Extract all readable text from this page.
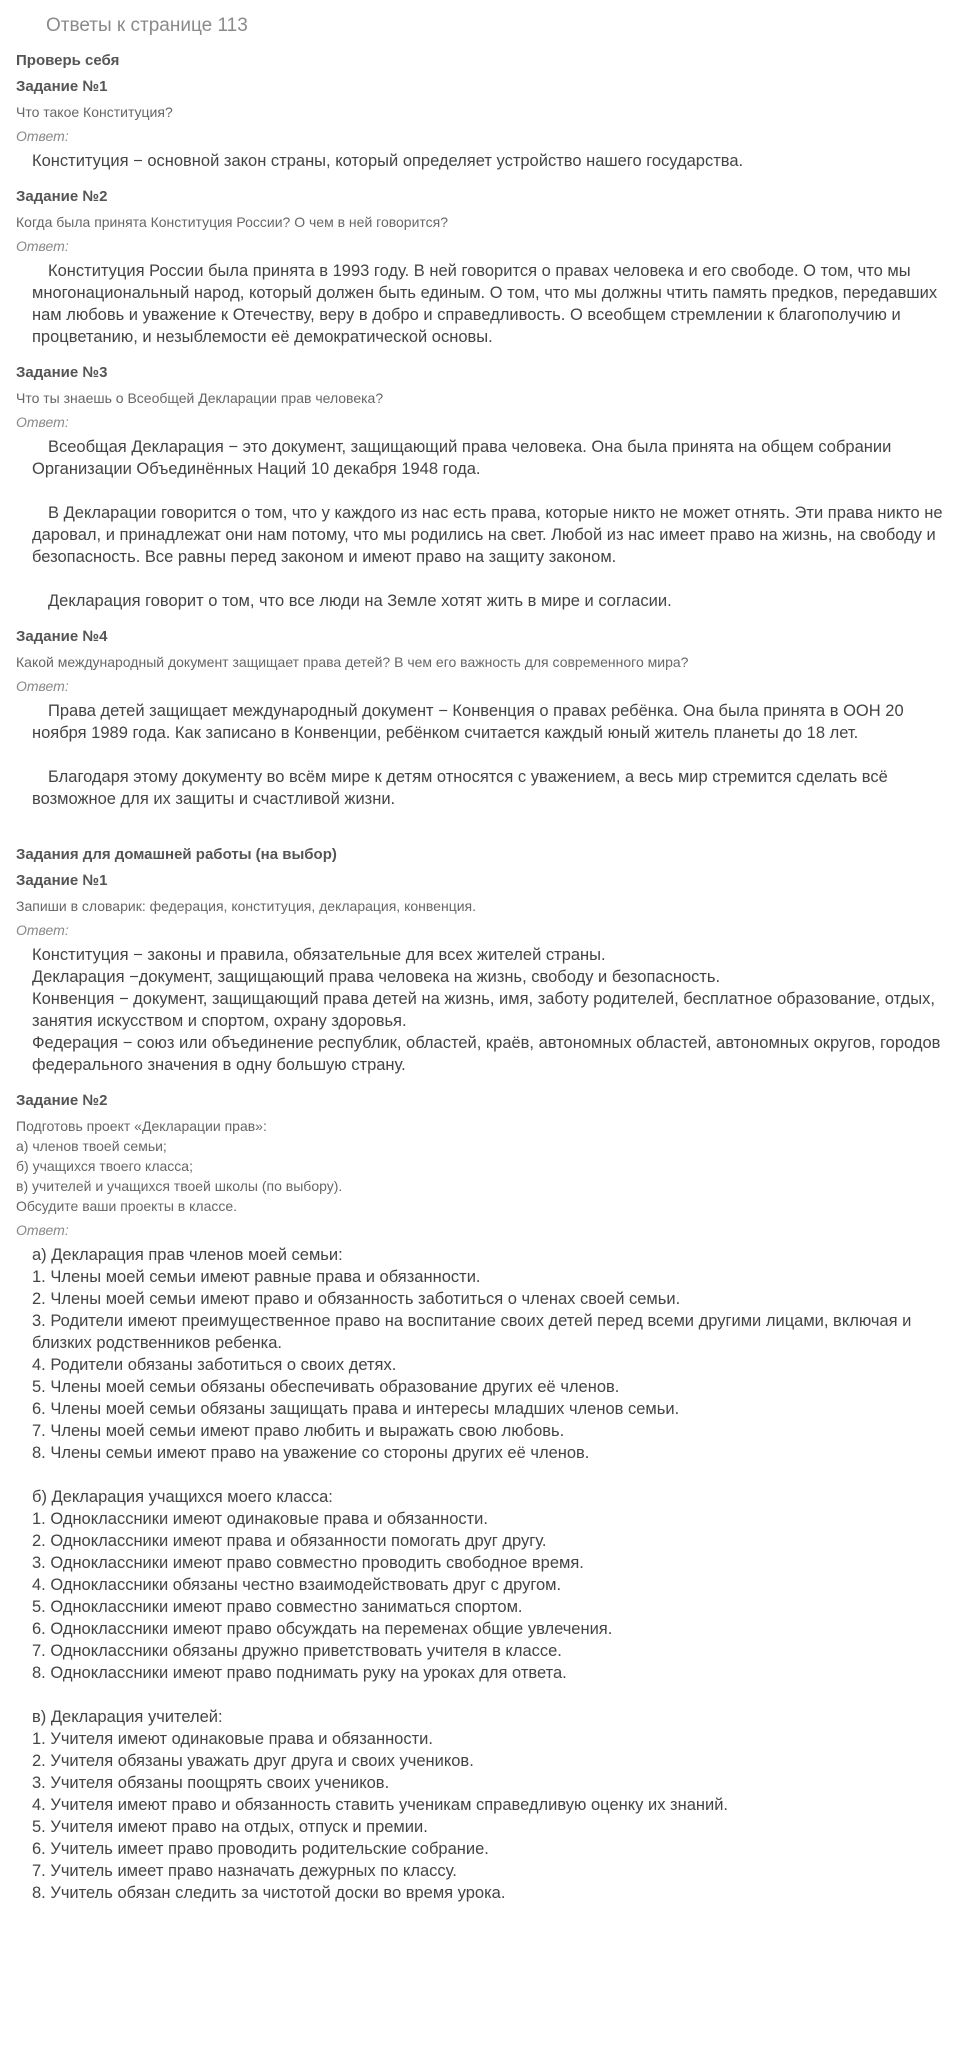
Ответы к странице 113
Проверь себя
Задание №1
Что такое Конституция?
Ответ:

Конституция − основной закон страны, который определяет устройство нашего государства.

Задание №2
Когда была принята Конституция России? О чем в ней говорится?
Ответ:

Конституция России была принята в 1993 году. В ней говорится о правах человека и его свободе. О том, что мы многонациональный народ, который должен быть единым. О том, что мы должны чтить память предков, передавших нам любовь и уважение к Отечеству, веру в добро и справедливость. О всеобщем стремлении к благополучию и процветанию, и незыблемости её демократической основы.

Задание №3
Что ты знаешь о Всеобщей Декларации прав человека?
Ответ:

Всеобщая Декларация − это документ, защищающий права человека. Она была принята на общем собрании Организации Объединённых Наций 10 декабря 1948 года.

В Декларации говорится о том, что у каждого из нас есть права, которые никто не может отнять. Эти права никто не даровал, и принадлежат они нам потому, что мы родились на свет. Любой из нас имеет право на жизнь, на свободу и безопасность. Все равны перед законом и имеют право на защиту законом.

Декларация говорит о том, что все люди на Земле хотят жить в мире и согласии.

Задание №4
Какой международный документ защищает права детей? В чем его важность для современного мира?
Ответ:

Права детей защищает международный документ − Конвенция о правах ребёнка. Она была принята в ООН 20 ноября 1989 года. Как записано в Конвенции, ребёнком считается каждый юный житель планеты до 18 лет.

Благодаря этому документу во всём мире к детям относятся с уважением, а весь мир стремится сделать всё возможное для их защиты и счастливой жизни.

Задания для домашней работы (на выбор)
Задание №1
Запиши в словарик: федерация, конституция, декларация, конвенция.
Ответ:

Конституция − законы и правила, обязательные для всех жителей страны.

Декларация −документ, защищающий права человека на жизнь, свободу и безопасность.

Конвенция − документ, защищающий права детей на жизнь, имя, заботу родителей, бесплатное образование, отдых, занятия искусством и спортом, охрану здоровья.

Федерация − союз или объединение республик, областей, краёв, автономных областей, автономных округов, городов федерального значения в одну большую страну.

Задание №2
Подготовь проект «Декларации прав»:
а) членов твоей семьи;
б) учащихся твоего класса;
в) учителей и учащихся твоей школы (по выбору).
Обсудите ваши проекты в классе.
Ответ:

а) Декларация прав членов моей семьи:

1. Члены моей семьи имеют равные права и обязанности.

2. Члены моей семьи имеют право и обязанность заботиться о членах своей семьи.

3. Родители имеют преимущественное право на воспитание своих детей перед всеми другими лицами, включая и близких родственников ребенка.

4. Родители обязаны заботиться о своих детях.

5. Члены моей семьи обязаны обеспечивать образование других её членов.

6. Члены моей семьи обязаны защищать права и интересы младших членов семьи.

7. Члены моей семьи имеют право любить и выражать свою любовь.

8. Члены семьи имеют право на уважение со стороны других её членов.

б) Декларация учащихся моего класса:

1. Одноклассники имеют одинаковые права и обязанности.

2. Одноклассники имеют права и обязанности помогать друг другу.

3. Одноклассники имеют право совместно проводить свободное время.

4. Одноклассники обязаны честно взаимодействовать друг с другом.

5. Одноклассники имеют право совместно заниматься спортом.

6. Одноклассники имеют право обсуждать на переменах общие увлечения.

7. Одноклассники обязаны дружно приветствовать учителя в классе.

8. Одноклассники имеют право поднимать руку на уроках для ответа.

в) Декларация учителей:

1. Учителя имеют одинаковые права и обязанности.

2. Учителя обязаны уважать друг друга и своих учеников.

3. Учителя обязаны поощрять своих учеников.

4. Учителя имеют право и обязанность ставить ученикам справедливую оценку их знаний.

5. Учителя имеют право на отдых, отпуск и премии.

6. Учитель имеет право проводить родительские собрание.

7. Учитель имеет право назначать дежурных по классу.

8. Учитель обязан следить за чистотой доски во время урока.
